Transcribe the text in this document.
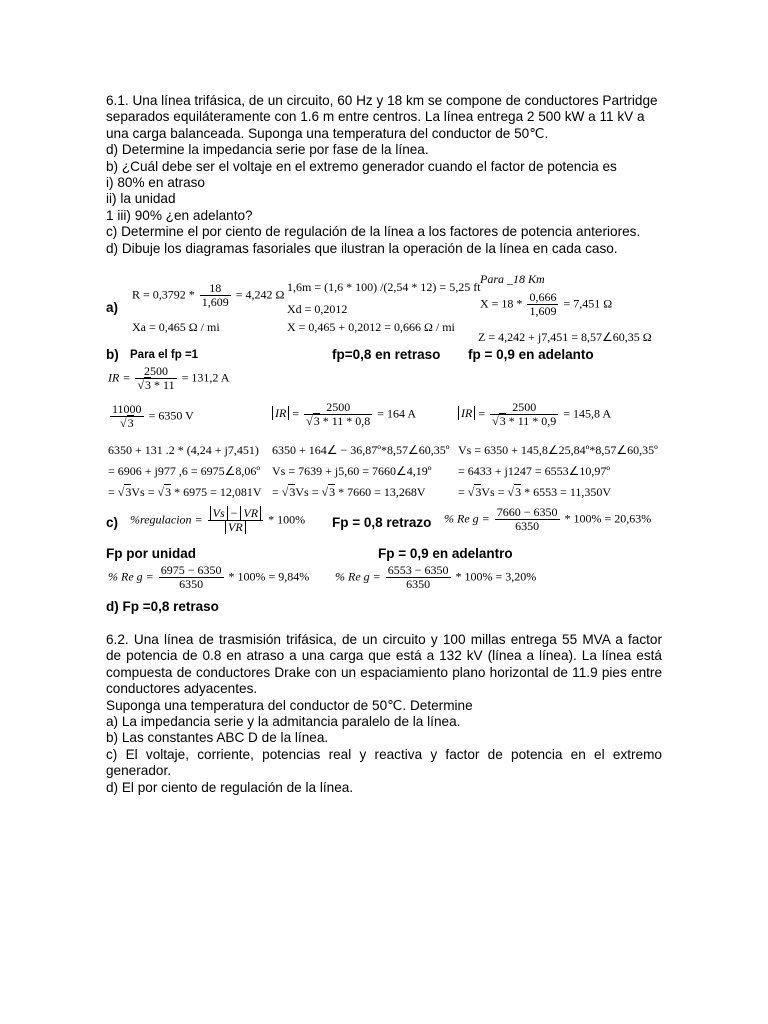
6.1. Una línea trifásica, de un circuito, 60 Hz y 18 km se compone de conductores Partridge
separados equiláteramente con 1.6 m entre centros. La línea entrega 2 500 kW a 11 kV a
una carga balanceada. Suponga una temperatura del conductor de 50℃.
d) Determine la impedancia serie por fase de la línea.
b) ¿Cuál debe ser el voltaje en el extremo generador cuando el factor de potencia es
i) 80% en atraso
ii) la unidad
1 iii) 90% ¿en adelanto?
c) Determine el por ciento de regulación de la línea a los factores de potencia anteriores.
d) Dibuje los diagramas fasoriales que ilustran la operación de la línea en cada caso.
a)
$R = 0,3792 * \frac{18}{1,609} = 4,242$ Ω
Xa = 0,465 Ω / mi
1,6m = (1,6 * 100) /(2,54 * 12) = 5,25 ft
Xd = 0,2012
X = 0,465 + 0,2012 = 0,666 Ω / mi
Para _18 Km
$X = 18 * \frac{0,666}{1,609} = 7,451$ Ω
Z = 4,242 + j7,451 = 8,57∠60,35 Ω
b) Para el fp =1	fp=0,8 en retraso fp = 0,9 en adelanto
IR = $\frac{2500}{√3 * 11} = 131,2$ A
$\frac{11000}{√3} = 6350$ V	IR = $\frac{2500}{√3 * 11 * 0,8} = 164$ A	IR = $\frac{2500}{√3 * 11 * 0,9} = 145,8$ A
6350 + 131 .2 * (4,24 + j7,451) 6350 + 164∠ − 36,87º*8,57∠60,35º Vs = 6350 + 145,8∠25,84º*8,57∠60,35º
= 6906 + j977 ,6 = 6975∠8,06º Vs = 7639 + j5,60 = 7660∠4,19º = 6433 + j1247 = 6553∠10,97º
= √3Vs = √3 * 6975 = 12,081V = √3Vs = √3 * 7660 = 13,268V	= √3Vs = √3 * 6553 = 11,350V
c) %regulacion = $\frac{Vs - VR}{VR} * 100\%$ Fp = 0,8 retrazo % Re $g = \frac{7660 - 6350}{6350} * 100\% = 20,63\%$
Fp por unidad	Fp = 0,9 en adelantro
% Re $g = \frac{6975 - 6350}{6350} * 100\% = 9,84\%$ % Re $g = \frac{6553 - 6350}{6350} * 100\% = 3,20\%$
d) Fp =0,8 retraso
6.2. Una línea de trasmisión trifásica, de un circuito y 100 millas entrega 55 MVA a factor
de potencia de 0.8 en atraso a una carga que está a 132 kV (línea a línea). La línea está
compuesta de conductores Drake con un espaciamiento plano horizontal de 11.9 pies entre
conductores adyacentes.
Suponga una temperatura del conductor de 50℃. Determine
a) La impedancia serie y la admitancia paralelo de la línea.
b) Las constantes ABC D de la línea.
c) El voltaje, corriente, potencias real y reactiva y factor de potencia en el extremo
generador.
d) El por ciento de regulación de la línea.
